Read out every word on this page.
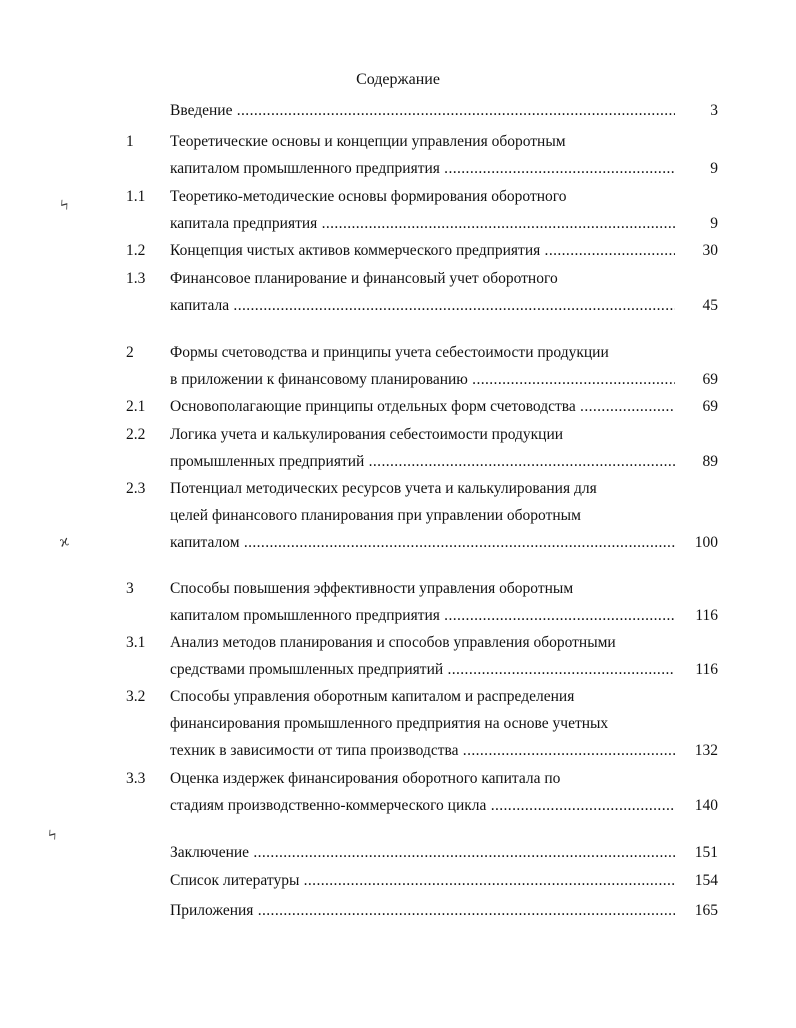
Содержание
Введение .....	3
1	Теоретические основы и концепции управления оборотным
капиталом промышленного предприятия .....	9
1.1	Теоретико-методические основы формирования оборотного
капитала предприятия .....	9
1.2	Концепция чистых активов коммерческого предприятия .....	30
1.3	Финансовое планирование и финансовый учет оборотного
капитала .....	45
2	Формы счетоводства и принципы учета себестоимости продукции
в приложении к финансовому планированию .....	69
2.1	Основополагающие принципы отдельных форм счетоводства .....	69
2.2	Логика учета и калькулирования себестоимости продукции
промышленных предприятий .....	89
2.3	Потенциал методических ресурсов учета и калькулирования для
целей финансового планирования при управлении оборотным
капиталом .....	100
3	Способы повышения эффективности управления оборотным
капиталом промышленного предприятия .....	116
3.1	Анализ методов планирования и способов управления оборотными
средствами промышленных предприятий .....	116
3.2	Способы управления оборотным капиталом и распределения
финансирования промышленного предприятия на основе учетных
техник в зависимости от типа производства .....	132
3.3	Оценка издержек финансирования оборотного капитала по
стадиям производственно-коммерческого цикла .....	140
Заключение .....	151
Список литературы .....	154
Приложения .....	165
ϟ
ϰ
ϟ
